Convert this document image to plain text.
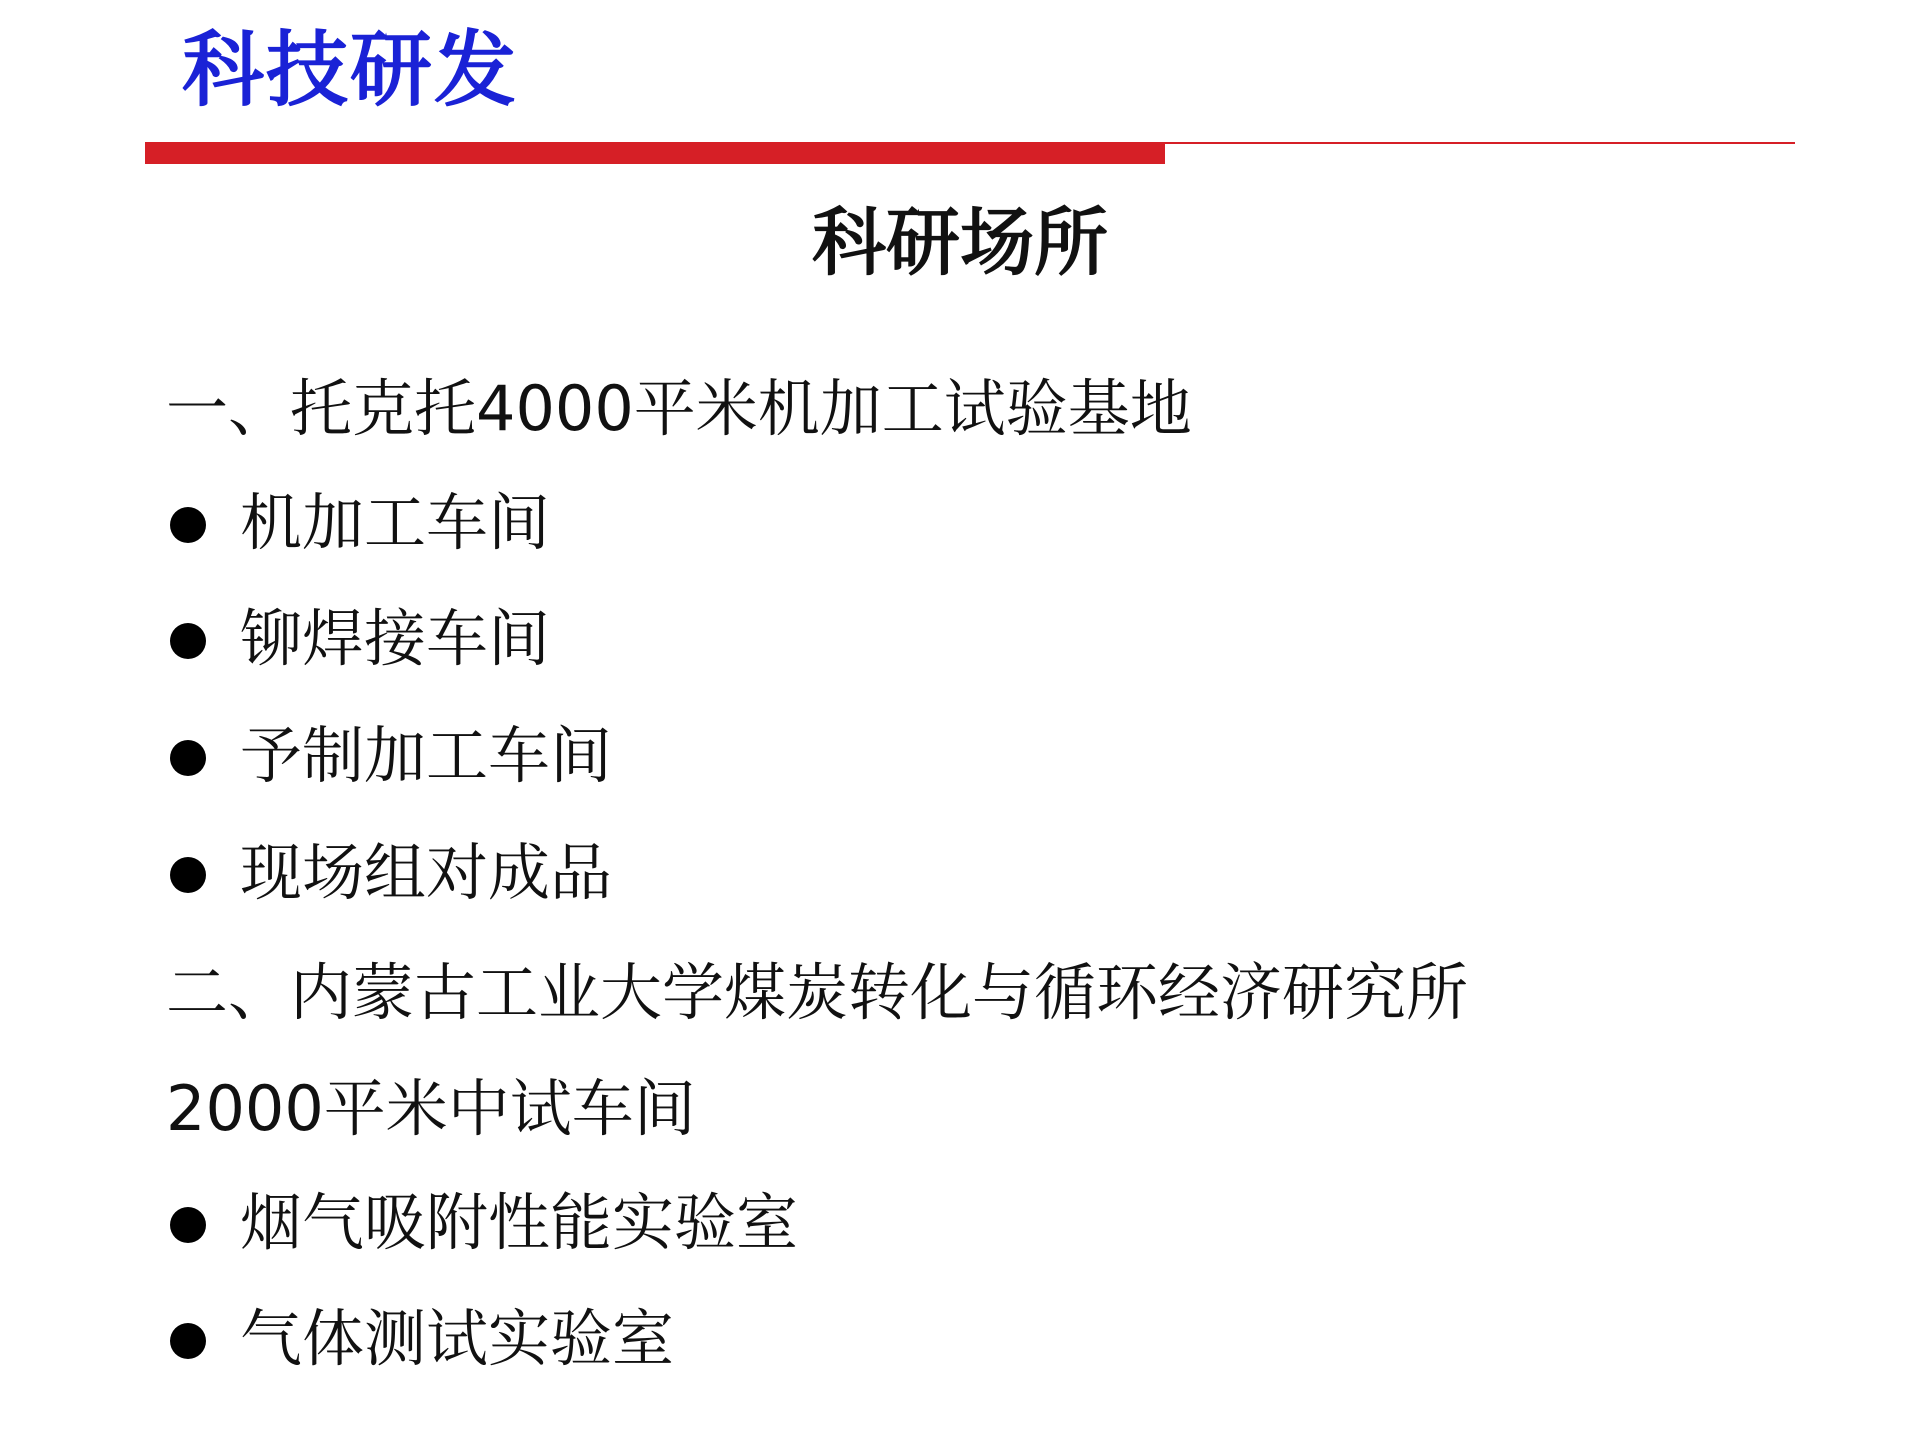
科技研发
科研场所
一、托克托4000平米机加工试验基地
机加工车间
铆焊接车间
予制加工车间
现场组对成品
二、内蒙古工业大学煤炭转化与循环经济研究所
2000平米中试车间
烟气吸附性能实验室
气体测试实验室
